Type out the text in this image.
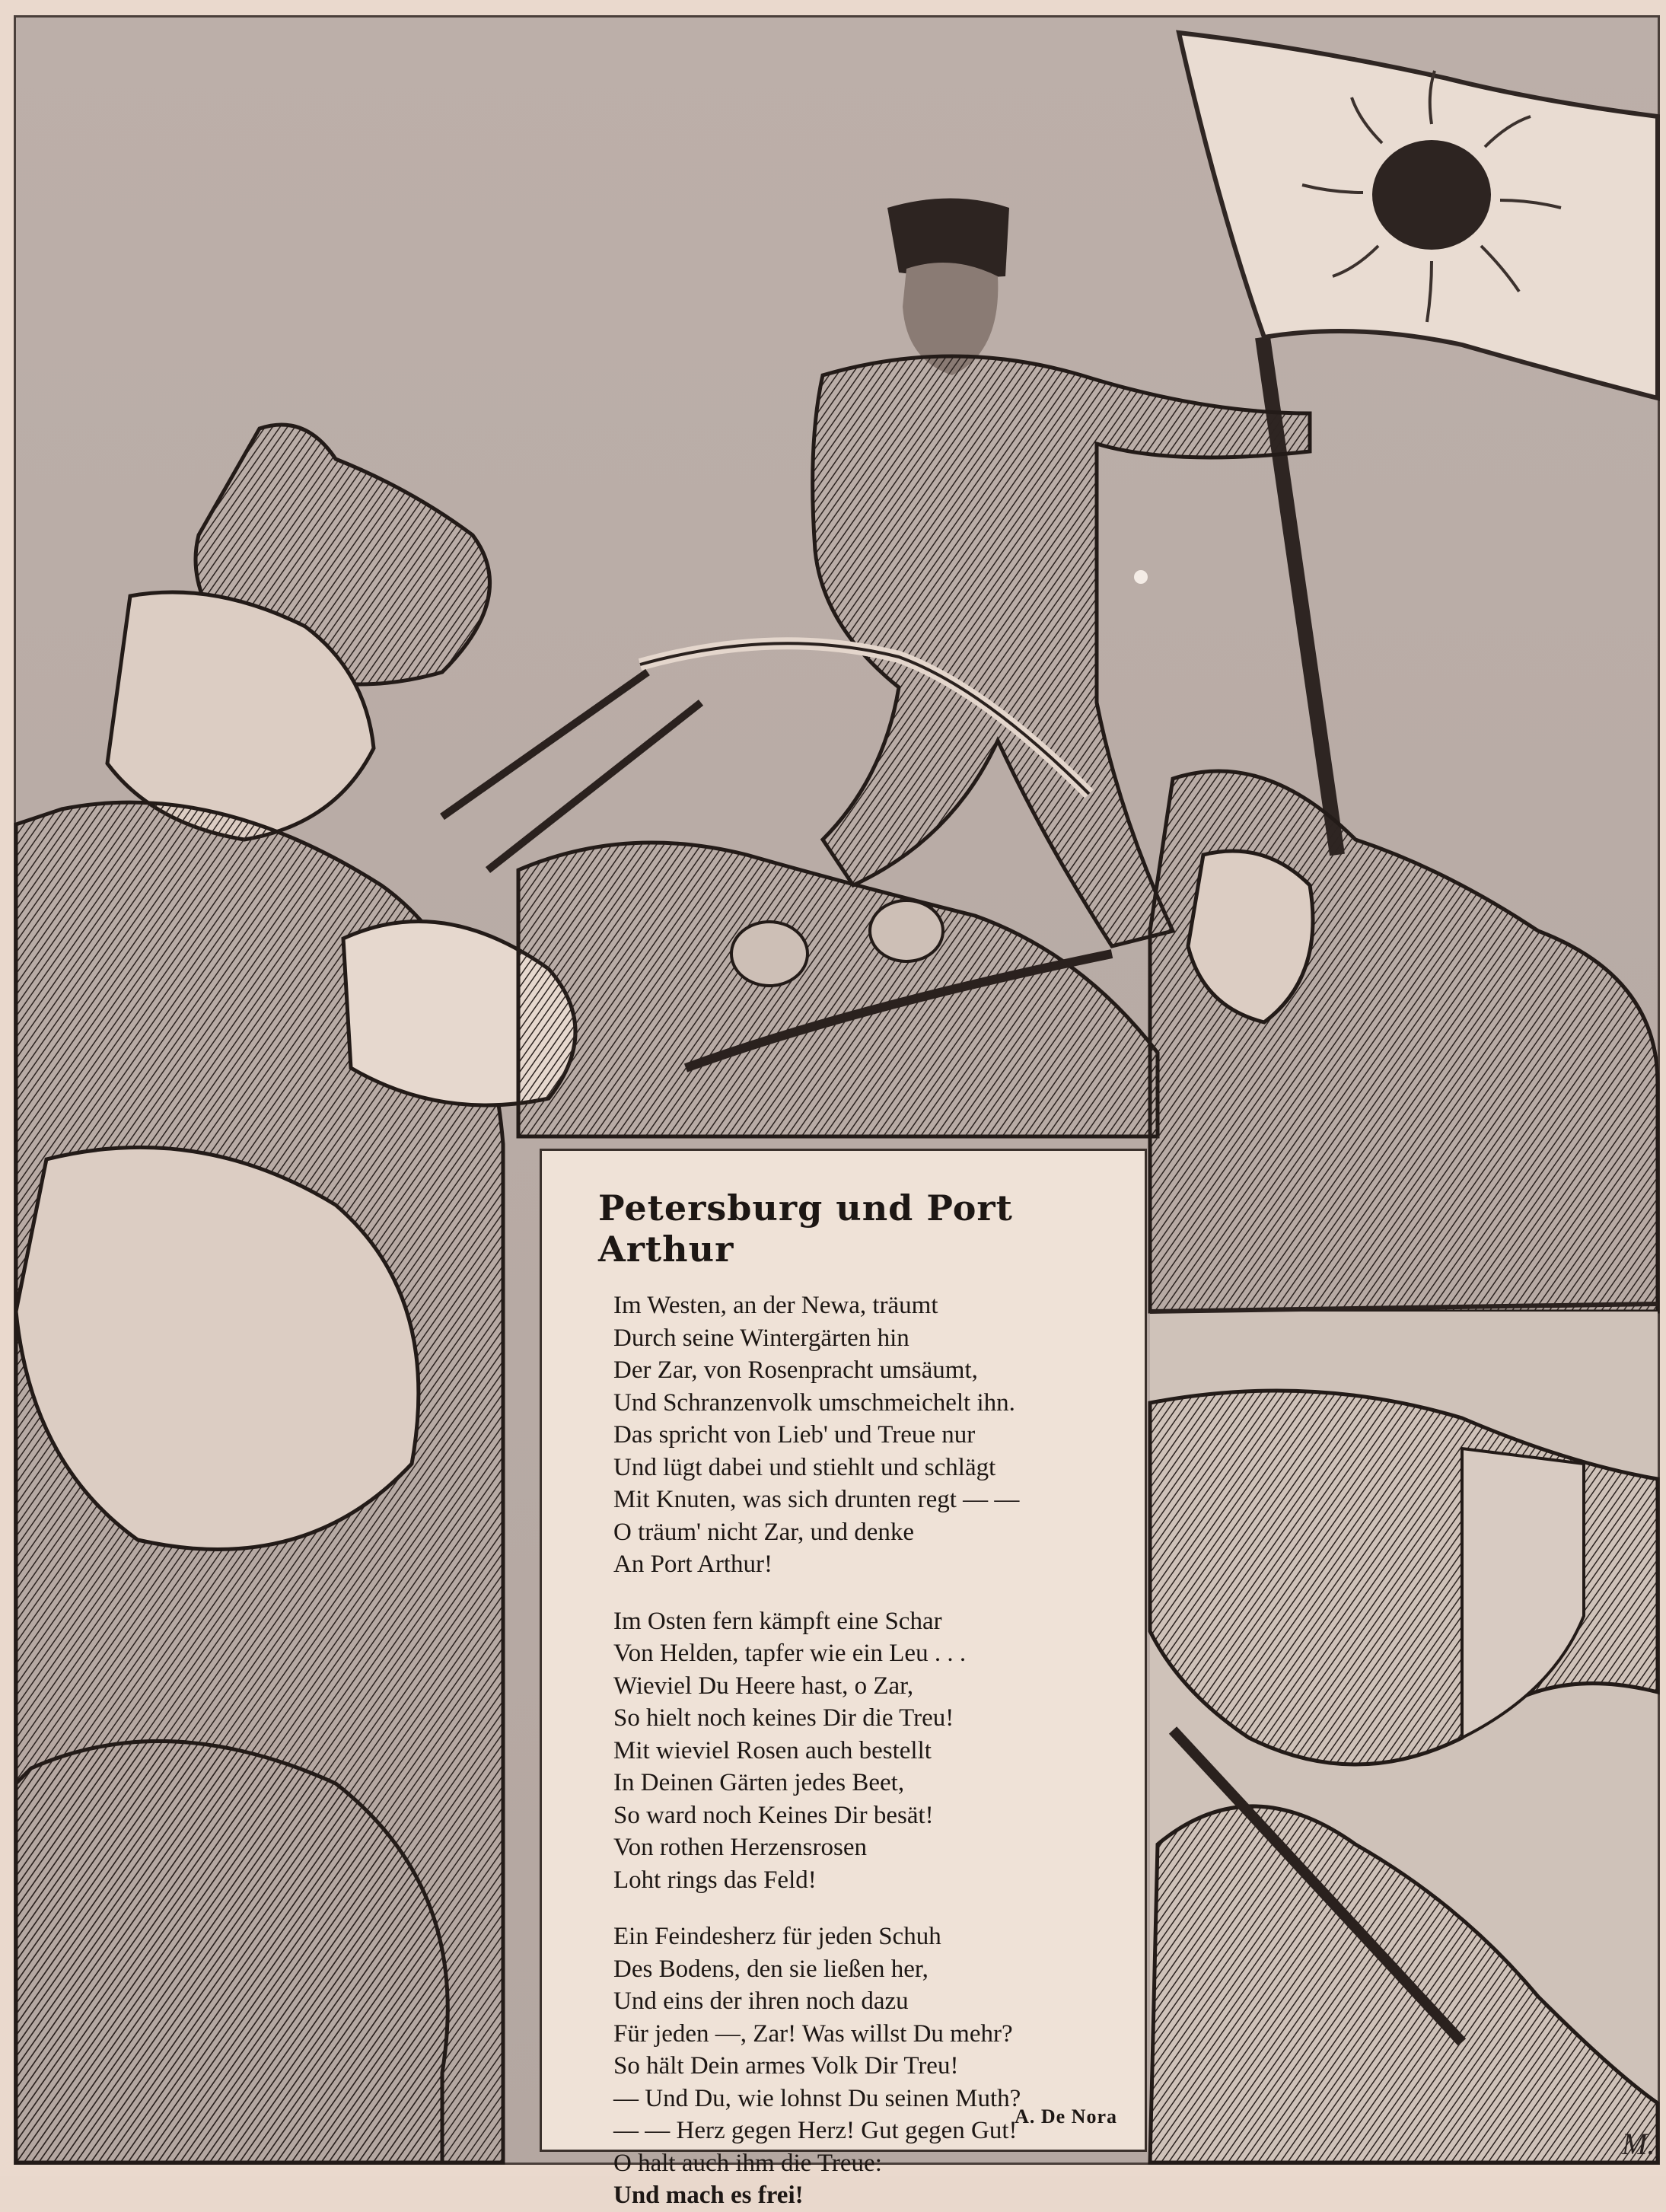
Petersburg und Port Arthur
Im Westen, an der Newa, träumt
Durch seine Wintergärten hin
Der Zar, von Rosenpracht umsäumt,
Und Schranzenvolk umschmeichelt ihn.
Das spricht von Lieb' und Treue nur
Und lügt dabei und stiehlt und schlägt
Mit Knuten, was sich drunten regt — —
O träum' nicht Zar, und denke
An Port Arthur!
Im Osten fern kämpft eine Schar
Von Helden, tapfer wie ein Leu . . .
Wieviel Du Heere hast, o Zar,
So hielt noch keines Dir die Treu!
Mit wieviel Rosen auch bestellt
In Deinen Gärten jedes Beet,
So ward noch Keines Dir besät!
Von rothen Herzensrosen
Loht rings das Feld!
Ein Feindesherz für jeden Schuh
Des Bodens, den sie ließen her,
Und eins der ihren noch dazu
Für jeden —, Zar! Was willst Du mehr?
So hält Dein armes Volk Dir Treu!
— Und Du, wie lohnst Du seinen Muth?
— — Herz gegen Herz! Gut gegen Gut!
O halt auch ihm die Treue:
Und mach es frei!
A. De Nora
M.
